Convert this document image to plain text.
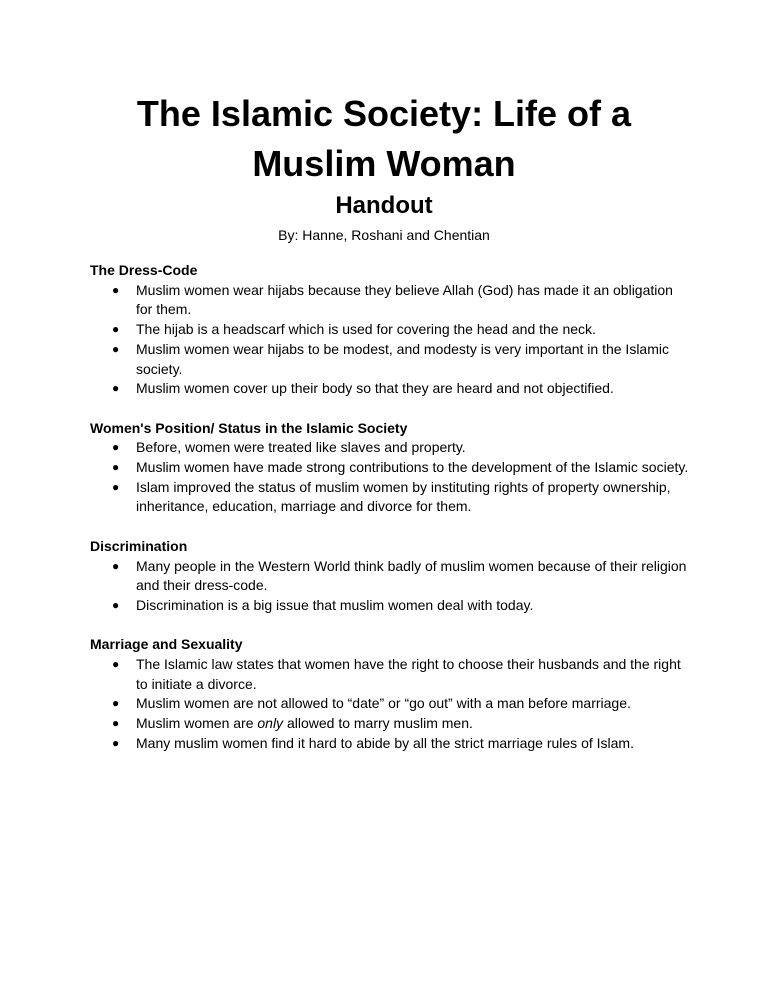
The Islamic Society: Life of a Muslim Woman
Handout
By: Hanne, Roshani and Chentian

The Dress-Code

● Muslim women wear hijabs because they believe Allah (God) has made it an obligation for them.
● The hijab is a headscarf which is used for covering the head and the neck.
● Muslim women wear hijabs to be modest, and modesty is very important in the Islamic society.
● Muslim women cover up their body so that they are heard and not objectified.

Women's Position/ Status in the Islamic Society

● Before, women were treated like slaves and property.
● Muslim women have made strong contributions to the development of the Islamic society.
● Islam improved the status of muslim women by instituting rights of property ownership, inheritance, education, marriage and divorce for them.

Discrimination

● Many people in the Western World think badly of muslim women because of their religion and their dress-code.
● Discrimination is a big issue that muslim women deal with today.

Marriage and Sexuality

● The Islamic law states that women have the right to choose their husbands and the right to initiate a divorce.
● Muslim women are not allowed to “date” or “go out” with a man before marriage.
● Muslim women are only allowed to marry muslim men.
● Many muslim women find it hard to abide by all the strict marriage rules of Islam.
